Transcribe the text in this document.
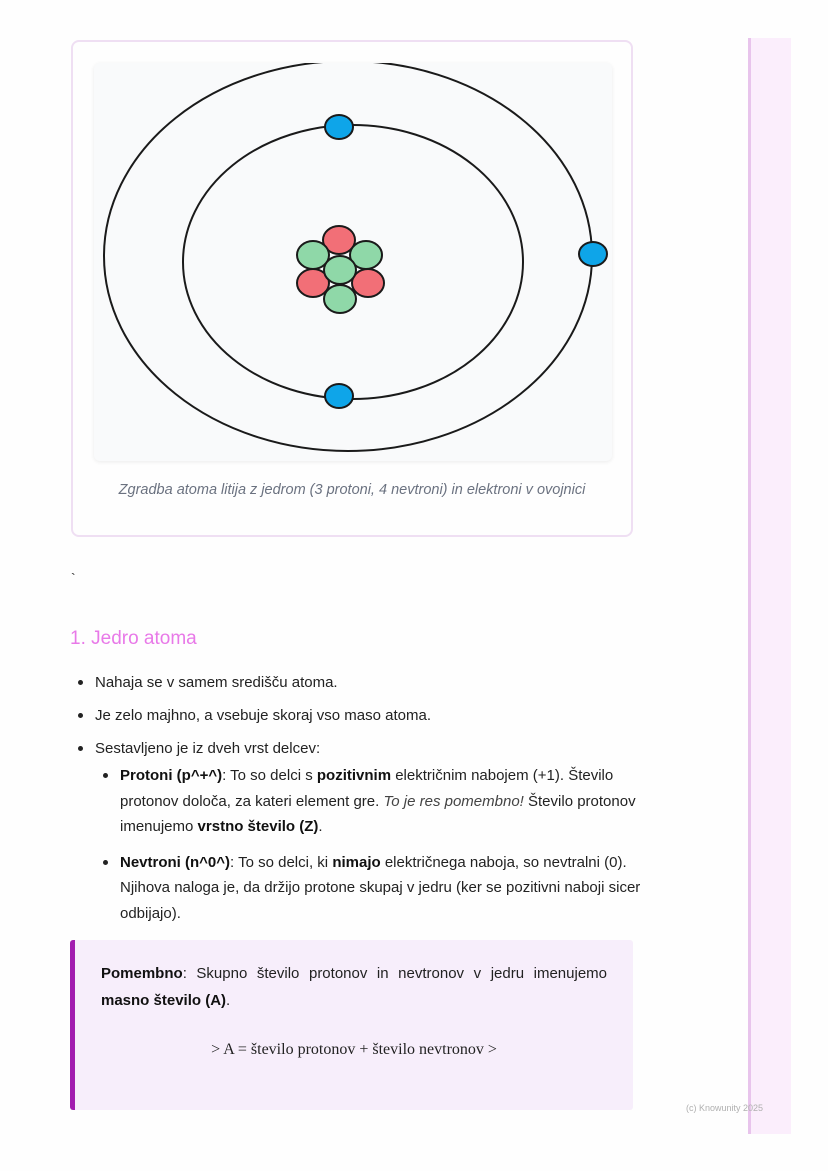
Zgradba atoma litija z jedrom (3 protoni, 4 nevtroni) in elektroni v ovojnici
`
1. Jedro atoma
Nahaja se v samem središču atoma.
Je zelo majhno, a vsebuje skoraj vso maso atoma.
Sestavljeno je iz dveh vrst delcev:
Protoni (p^+^): To so delci s pozitivnim električnim nabojem (+1). Število protonov določa, za kateri element gre. To je res pomembno! Število protonov imenujemo vrstno število (Z).
Nevtroni (n^0^): To so delci, ki nimajo električnega naboja, so nevtralni (0). Njihova naloga je, da držijo protone skupaj v jedru (ker se pozitivni naboji sicer odbijajo).

Pomembno: Skupno število protonov in nevtronov v jedru imenujemo masno število (A).

> A = število protonov + število nevtronov >
(c) Knowunity 2025
